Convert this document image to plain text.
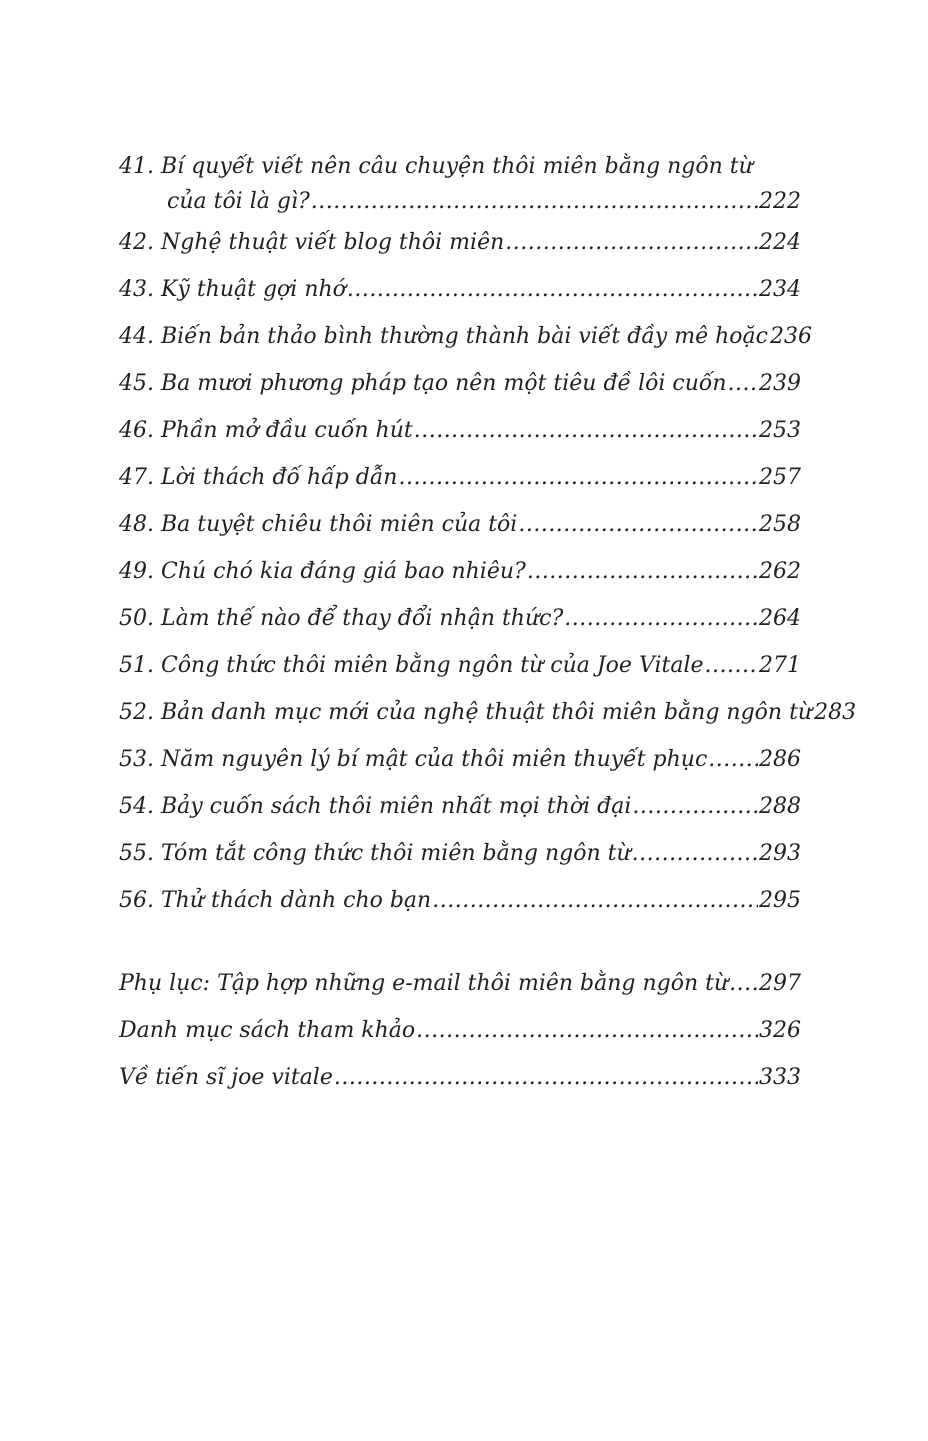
41. Bí quyết viết nên câu chuyện thôi miên bằng ngôn từ
của tôi là gì? .....	222
42. Nghệ thuật viết blog thôi miên .....	224
43. Kỹ thuật gợi nhớ .....	234
44. Biến bản thảo bình thường thành bài viết đầy mê hoặc 236
45. Ba mươi phương pháp tạo nên một tiêu đề lôi cuốn ..... 239
46. Phần mở đầu cuốn hút .....	253
47. Lời thách đố hấp dẫn .....	257
48. Ba tuyệt chiêu thôi miên của tôi .....	258
49. Chú chó kia đáng giá bao nhiêu? .....	262
50. Làm thế nào để thay đổi nhận thức? .....	264
51. Công thức thôi miên bằng ngôn từ của Joe Vitale .....	271
52. Bản danh mục mới của nghệ thuật thôi miên bằng ngôn từ 283
53. Năm nguyên lý bí mật của thôi miên thuyết phục ..... 286
54. Bảy cuốn sách thôi miên nhất mọi thời đại .....	288
55. Tóm tắt công thức thôi miên bằng ngôn từ .....	293
56. Thử thách dành cho bạn .....	295
Phụ lục: Tập hợp những e-mail thôi miên bằng ngôn từ ..... 297
Danh mục sách tham khảo .....	326
Về tiến sĩ joe vitale .....	333
